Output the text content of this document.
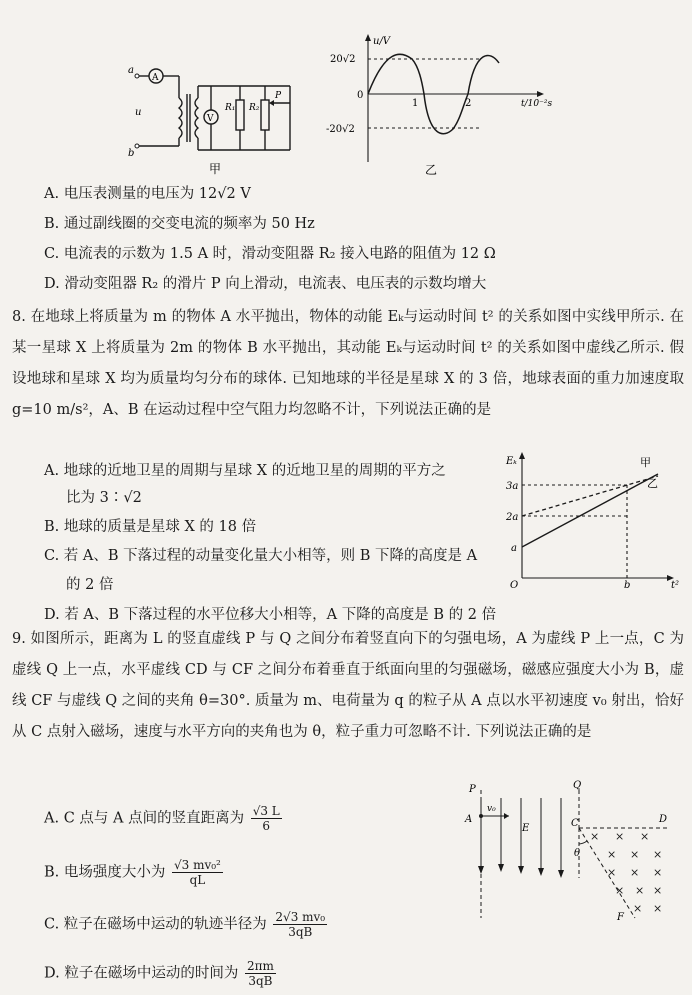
a
b
u
A
V
R₁ R₂
P
甲
u/V
20√2
-20√2
0
1	2	t/10⁻²s
乙
A. 电压表测量的电压为 12√2 V
B. 通过副线圈的交变电流的频率为 50 Hz
C. 电流表的示数为 1.5 A 时，滑动变阻器 R₂ 接入电路的阻值为 12 Ω
D. 滑动变阻器 R₂ 的滑片 P 向上滑动，电流表、电压表的示数均增大
8. 在地球上将质量为 m 的物体 A 水平抛出，物体的动能 Eₖ与运动时间 t² 的关系如图中实线甲所示. 在某一星球 X 上将质量为 2m 的物体 B 水平抛出，其动能 Eₖ与运动时间 t² 的关系如图中虚线乙所示. 假设地球和星球 X 均为质量均匀分布的球体. 已知地球的半径是星球 X 的 3 倍，地球表面的重力加速度取 g=10 m/s²，A、B 在运动过程中空气阻力均忽略不计，下列说法正确的是
A. 地球的近地卫星的周期与星球 X 的近地卫星的周期的平方之
比为 3∶√2
B. 地球的质量是星球 X 的 18 倍
C. 若 A、B 下落过程的动量变化量大小相等，则 B 下降的高度是 A
的 2 倍
D. 若 A、B 下落过程的水平位移大小相等，A 下降的高度是 B 的 2 倍
Eₖ
3a
2a
a
O	b	t²
甲
乙
9. 如图所示，距离为 L 的竖直虚线 P 与 Q 之间分布着竖直向下的匀强电场，A 为虚线 P 上一点，C 为虚线 Q 上一点，水平虚线 CD 与 CF 之间分布着垂直于纸面向里的匀强磁场，磁感应强度大小为 B，虚线 CF 与虚线 Q 之间的夹角 θ=30°. 质量为 m、电荷量为 q 的粒子从 A 点以水平初速度 v₀ 射出，恰好从 C 点射入磁场，速度与水平方向的夹角也为 θ，粒子重力可忽略不计. 下列说法正确的是
A. C 点与 A 点间的竖直距离为 $\frac{√3 L}{6}$
B. 电场强度大小为 $\frac{\text{√3 mv₀²}}{qL}$
C. 粒子在磁场中运动的轨迹半径为 $\frac{\text{2√3 mv₀}}{3qB}$
D. 粒子在磁场中运动的时间为 $\frac{2\pi m}{3qB}$
× × ×
× × ×
× × ×
× × ×
× ×
P	Q
A
v₀
E	C	D
θ
F
